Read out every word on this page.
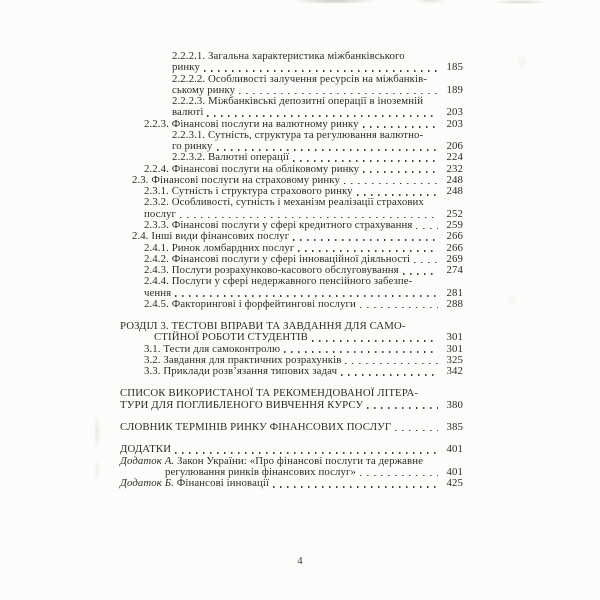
2.2.2.1. Загальна характеристика міжбанківського
ринку	185
2.2.2.2. Особливості залучення ресурсів на міжбанків-
ському ринку	189
2.2.2.3. Міжбанківські депозитні операції в іноземній
валюті	203
2.2.3. Фінансові послуги на валютному ринку	203
2.2.3.1. Сутність, структура та регулювання валютно-
го ринку	206
2.2.3.2. Валютні операції	224
2.2.4. Фінансові послуги на обліковому ринку	232
2.3. Фінансові послуги на страховому ринку	248
2.3.1. Сутність і структура страхового ринку	248
2.3.2. Особливості, сутність і механізм реалізації страхових
послуг	252
2.3.3. Фінансові послуги у сфері кредитного страхування	259
2.4. Інші види фінансових послуг	266
2.4.1. Ринок ломбардних послуг	266
2.4.2. Фінансові послуги у сфері інноваційної діяльності	269
2.4.3. Послуги розрахунково-касового обслуговування	274
2.4.4. Послуги у сфері недержавного пенсійного забезпе-
чення	281
2.4.5. Факторингові і форфейтингові послуги	288
РОЗДІЛ 3. ТЕСТОВІ ВПРАВИ ТА ЗАВДАННЯ ДЛЯ САМО-
СТІЙНОЇ РОБОТИ СТУДЕНТІВ	301
3.1. Тести для самоконтролю	301
3.2. Завдання для практичних розрахунків	325
3.3. Приклади розв’язання типових задач	342
СПИСОК ВИКОРИСТАНОЇ ТА РЕКОМЕНДОВАНОЇ ЛІТЕРА-
ТУРИ ДЛЯ ПОГЛИБЛЕНОГО ВИВЧЕННЯ КУРСУ	380
СЛОВНИК ТЕРМІНІВ РИНКУ ФІНАНСОВИХ ПОСЛУГ	385
ДОДАТКИ	401
Додаток А. Закон України: «Про фінансові послуги та державне
регулювання ринків фінансових послуг»	401
Додаток Б. Фінансові інновації	425
4
